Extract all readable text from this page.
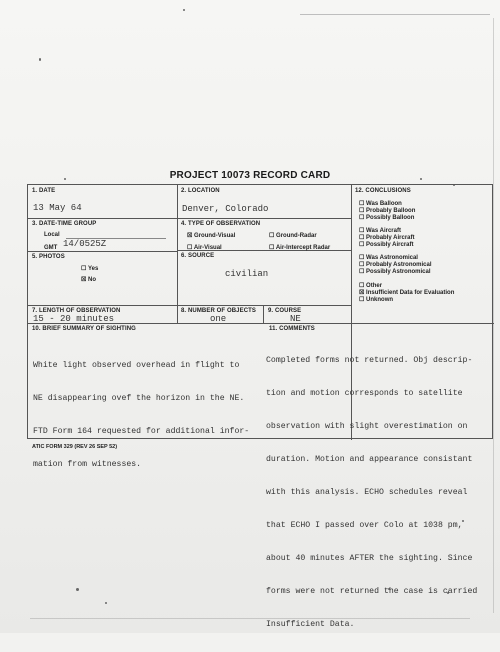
PROJECT 10073 RECORD CARD
1. DATE
13 May 64
2. LOCATION
Denver, Colorado
3. DATE-TIME GROUP
Local
GMT 14/0525Z
4. TYPE OF OBSERVATION
☒ Ground-Visual	☐ Ground-Radar
☐ Air-Visual	☐ Air-Intercept Radar
5. PHOTOS
☐ Yes
☒ No
6. SOURCE
civilian
7. LENGTH OF OBSERVATION
15 - 20 minutes
8. NUMBER OF OBJECTS
one
9. COURSE
NE
10. BRIEF SUMMARY OF SIGHTING

White light observed overhead in flight to

NE disappearing ovef the horizon in the NE.

FTD Form 164 requested for additional infor-

mation from witnesses.

11. COMMENTS

Completed forms not returned. Obj descrip-

tion and motion corresponds to satellite

observation with slight overestimation on

duration. Motion and appearance consistant

with this analysis. ECHO schedules reveal

that ECHO I passed over Colo at 1038 pm,

about 40 minutes AFTER the sighting. Since

forms were not returned the case is carried

Insufficient Data.

12. CONCLUSIONS
☐ Was Balloon
☐ Probably Balloon
☐ Possibly Balloon
☐ Was Aircraft
☐ Probably Aircraft
☐ Possibly Aircraft
☐ Was Astronomical
☐ Probably Astronomical
☐ Possibly Astronomical
☐ Other
☒ Insufficient Data for Evaluation
☐ Unknown
ATIC FORM 329 (REV 26 SEP 52)
